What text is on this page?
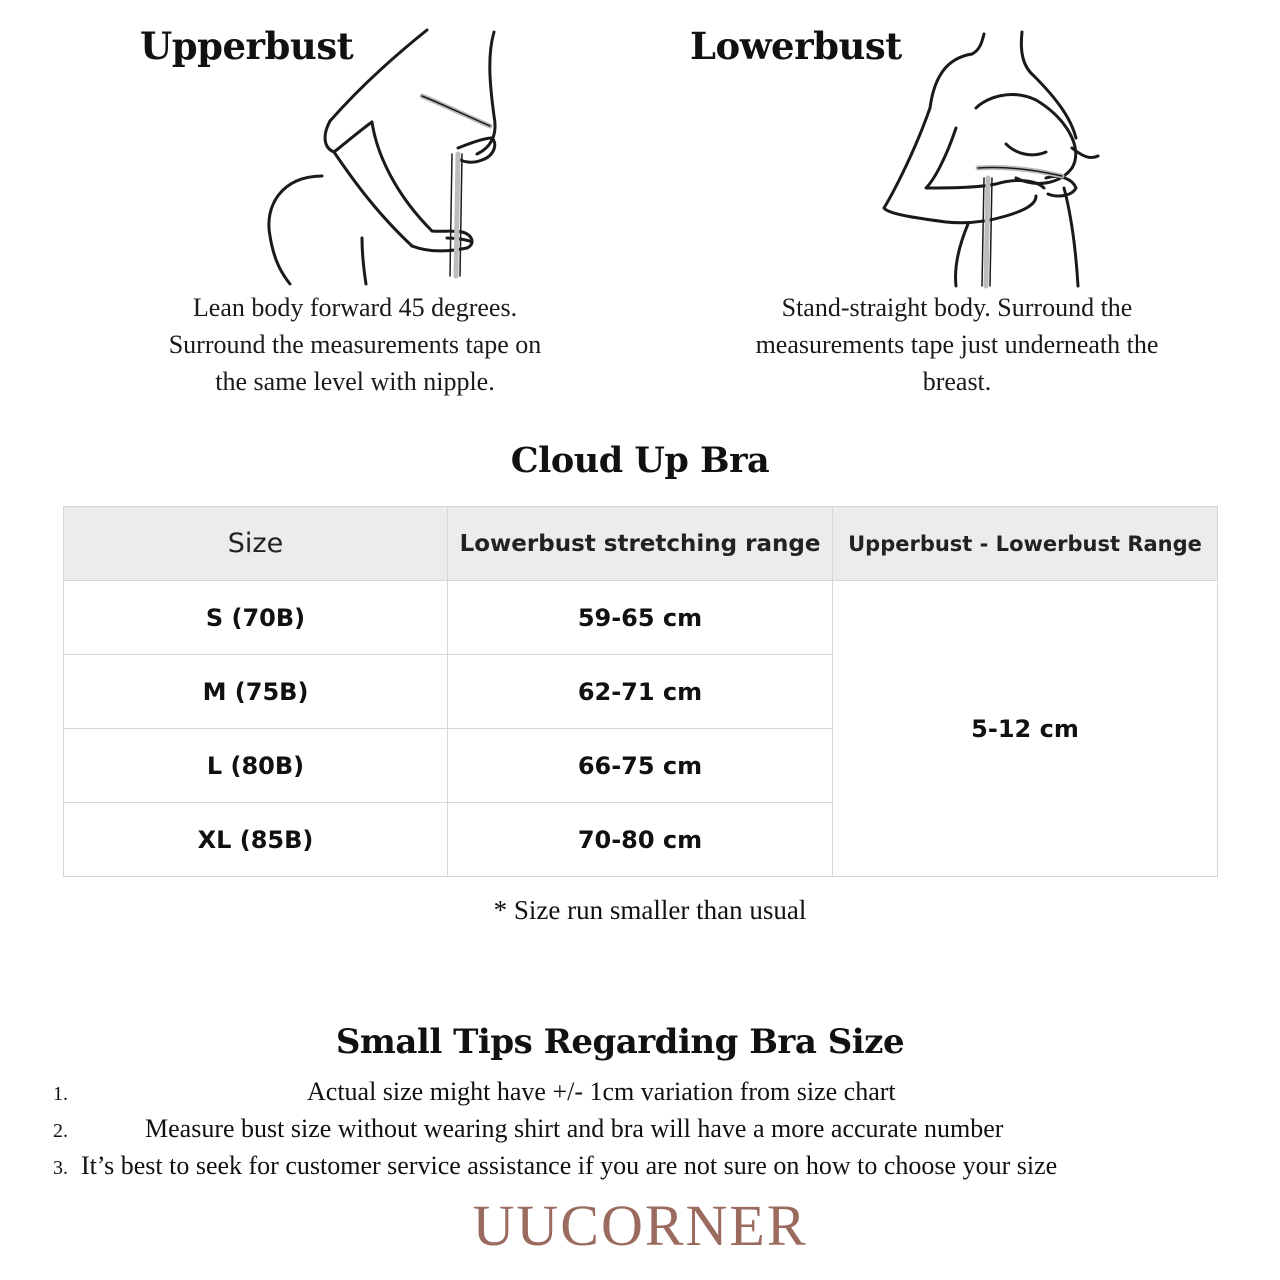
Upperbust
Lean body forward 45 degrees.
Surround the measurements tape on
the same level with nipple.
Lowerbust
Stand-straight body. Surround the
measurements tape just underneath the
breast.
Cloud Up Bra
Size	Lowerbust stretching range	Upperbust - Lowerbust Range
S (70B)	59-65 cm	5-12 cm
M (75B)	62-71 cm	
L (80B)	66-75 cm	
XL (85B)	70-80 cm	
* Size run smaller than usual
Small Tips Regarding Bra Size
1.	Actual size might have +/- 1cm variation from size chart
2.	Measure bust size without wearing shirt and bra will have a more accurate number
3. It’s best to seek for customer service assistance if you are not sure on how to choose your size
UUCORNER
